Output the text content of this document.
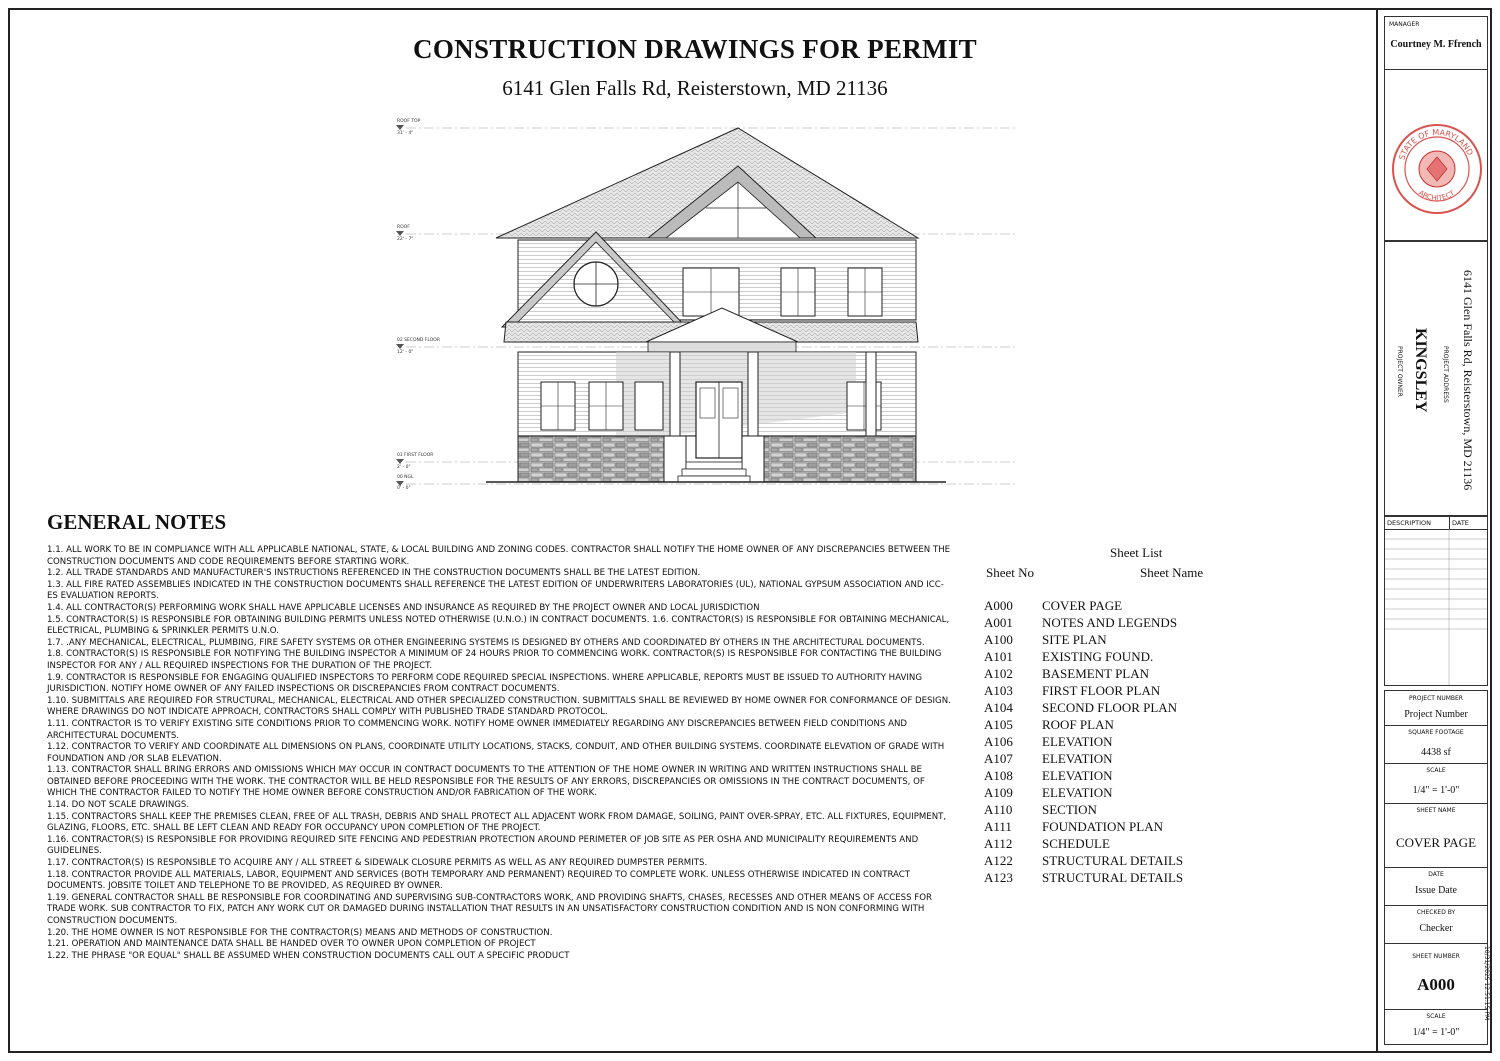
CONSTRUCTION DRAWINGS FOR PERMIT
6141 Glen Falls Rd, Reisterstown, MD 21136
ROOF TOP
31' - 4"
ROOF
22' - 7"
02 SECOND FLOOR
12' - 0"
01 FIRST FLOOR
2' - 0"
00 NGL
0' - 0"
GENERAL NOTES
1.1. ALL WORK TO BE IN COMPLIANCE WITH ALL APPLICABLE NATIONAL, STATE, & LOCAL BUILDING AND ZONING CODES. CONTRACTOR SHALL NOTIFY THE HOME OWNER OF ANY DISCREPANCIES BETWEEN THE CONSTRUCTION DOCUMENTS AND CODE REQUIREMENTS BEFORE STARTING WORK.
1.2. ALL TRADE STANDARDS AND MANUFACTURER'S INSTRUCTIONS REFERENCED IN THE CONSTRUCTION DOCUMENTS SHALL BE THE LATEST EDITION.
1.3. ALL FIRE RATED ASSEMBLIES INDICATED IN THE CONSTRUCTION DOCUMENTS SHALL REFERENCE THE LATEST EDITION OF UNDERWRITERS LABORATORIES (UL), NATIONAL GYPSUM ASSOCIATION AND ICC-ES EVALUATION REPORTS.
1.4. ALL CONTRACTOR(S) PERFORMING WORK SHALL HAVE APPLICABLE LICENSES AND INSURANCE AS REQUIRED BY THE PROJECT OWNER AND LOCAL JURISDICTION
1.5. CONTRACTOR(S) IS RESPONSIBLE FOR OBTAINING BUILDING PERMITS UNLESS NOTED OTHERWISE (U.N.O.) IN CONTRACT DOCUMENTS. 1.6. CONTRACTOR(S) IS RESPONSIBLE FOR OBTAINING MECHANICAL, ELECTRICAL, PLUMBING & SPRINKLER PERMITS U.N.O.
1.7. .ANY MECHANICAL, ELECTRICAL, PLUMBING, FIRE SAFETY SYSTEMS OR OTHER ENGINEERING SYSTEMS IS DESIGNED BY OTHERS AND COORDINATED BY OTHERS IN THE ARCHITECTURAL DOCUMENTS.
1.8. CONTRACTOR(S) IS RESPONSIBLE FOR NOTIFYING THE BUILDING INSPECTOR A MINIMUM OF 24 HOURS PRIOR TO COMMENCING WORK. CONTRACTOR(S) IS RESPONSIBLE FOR CONTACTING THE BUILDING INSPECTOR FOR ANY / ALL REQUIRED INSPECTIONS FOR THE DURATION OF THE PROJECT.
1.9. CONTRACTOR IS RESPONSIBLE FOR ENGAGING QUALIFIED INSPECTORS TO PERFORM CODE REQUIRED SPECIAL INSPECTIONS. WHERE APPLICABLE, REPORTS MUST BE ISSUED TO AUTHORITY HAVING JURISDICTION. NOTIFY HOME OWNER OF ANY FAILED INSPECTIONS OR DISCREPANCIES FROM CONTRACT DOCUMENTS.
1.10. SUBMITTALS ARE REQUIRED FOR STRUCTURAL, MECHANICAL, ELECTRICAL AND OTHER SPECIALIZED CONSTRUCTION. SUBMITTALS SHALL BE REVIEWED BY HOME OWNER FOR CONFORMANCE OF DESIGN. WHERE DRAWINGS DO NOT INDICATE APPROACH, CONTRACTORS SHALL COMPLY WITH PUBLISHED TRADE STANDARD PROTOCOL.
1.11. CONTRACTOR IS TO VERIFY EXISTING SITE CONDITIONS PRIOR TO COMMENCING WORK. NOTIFY HOME OWNER IMMEDIATELY REGARDING ANY DISCREPANCIES BETWEEN FIELD CONDITIONS AND ARCHITECTURAL DOCUMENTS.
1.12. CONTRACTOR TO VERIFY AND COORDINATE ALL DIMENSIONS ON PLANS, COORDINATE UTILITY LOCATIONS, STACKS, CONDUIT, AND OTHER BUILDING SYSTEMS. COORDINATE ELEVATION OF GRADE WITH FOUNDATION AND /OR SLAB ELEVATION.
1.13. CONTRACTOR SHALL BRING ERRORS AND OMISSIONS WHICH MAY OCCUR IN CONTRACT DOCUMENTS TO THE ATTENTION OF THE HOME OWNER IN WRITING AND WRITTEN INSTRUCTIONS SHALL BE OBTAINED BEFORE PROCEEDING WITH THE WORK. THE CONTRACTOR WILL BE HELD RESPONSIBLE FOR THE RESULTS OF ANY ERRORS, DISCREPANCIES OR OMISSIONS IN THE CONTRACT DOCUMENTS, OF WHICH THE CONTRACTOR FAILED TO NOTIFY THE HOME OWNER BEFORE CONSTRUCTION AND/OR FABRICATION OF THE WORK.
1.14. DO NOT SCALE DRAWINGS.
1.15. CONTRACTORS SHALL KEEP THE PREMISES CLEAN, FREE OF ALL TRASH, DEBRIS AND SHALL PROTECT ALL ADJACENT WORK FROM DAMAGE, SOILING, PAINT OVER-SPRAY, ETC. ALL FIXTURES, EQUIPMENT, GLAZING, FLOORS, ETC. SHALL BE LEFT CLEAN AND READY FOR OCCUPANCY UPON COMPLETION OF THE PROJECT.
1.16. CONTRACTOR(S) IS RESPONSIBLE FOR PROVIDING REQUIRED SITE FENCING AND PEDESTRIAN PROTECTION AROUND PERIMETER OF JOB SITE AS PER OSHA AND MUNICIPALITY REQUIREMENTS AND GUIDELINES.
1.17. CONTRACTOR(S) IS RESPONSIBLE TO ACQUIRE ANY / ALL STREET & SIDEWALK CLOSURE PERMITS AS WELL AS ANY REQUIRED DUMPSTER PERMITS.
1.18. CONTRACTOR PROVIDE ALL MATERIALS, LABOR, EQUIPMENT AND SERVICES (BOTH TEMPORARY AND PERMANENT) REQUIRED TO COMPLETE WORK. UNLESS OTHERWISE INDICATED IN CONTRACT DOCUMENTS. JOBSITE TOILET AND TELEPHONE TO BE PROVIDED, AS REQUIRED BY OWNER.
1.19. GENERAL CONTRACTOR SHALL BE RESPONSIBLE FOR COORDINATING AND SUPERVISING SUB-CONTRACTORS WORK, AND PROVIDING SHAFTS, CHASES, RECESSES AND OTHER MEANS OF ACCESS FOR TRADE WORK. SUB CONTRACTOR TO FIX, PATCH ANY WORK CUT OR DAMAGED DURING INSTALLATION THAT RESULTS IN AN UNSATISFACTORY CONSTRUCTION CONDITION AND IS NON CONFORMING WITH CONSTRUCTION DOCUMENTS.
1.20. THE HOME OWNER IS NOT RESPONSIBLE FOR THE CONTRACTOR(S) MEANS AND METHODS OF CONSTRUCTION.
1.21. OPERATION AND MAINTENANCE DATA SHALL BE HANDED OVER TO OWNER UPON COMPLETION OF PROJECT
1.22. THE PHRASE "OR EQUAL" SHALL BE ASSUMED WHEN CONSTRUCTION DOCUMENTS CALL OUT A SPECIFIC PRODUCT
Sheet List
Sheet No	Sheet Name
A000	COVER PAGE
A001	NOTES AND LEGENDS
A100	SITE PLAN
A101	EXISTING FOUND.
A102	BASEMENT PLAN
A103	FIRST FLOOR PLAN
A104	SECOND FLOOR PLAN
A105	ROOF PLAN
A106	ELEVATION
A107	ELEVATION
A108	ELEVATION
A109	ELEVATION
A110	SECTION
A111	FOUNDATION PLAN
A112	SCHEDULE
A122	STRUCTURAL DETAILS
A123	STRUCTURAL DETAILS
MANAGER
Courtney M. Ffrench
STATE OF MARYLAND
ARCHITECT
6141 Glen Falls Rd, Reisterstown, MD 21136
PROJECT ADDRESS
KINGSLEY
PROJECT OWNER
DESCRIPTION	DATE
PROJECT NUMBER
Project Number
SQUARE FOOTAGE
4438 sf
SCALE
1/4" = 1'-0"
SHEET NAME
COVER PAGE
DATE
Issue Date
CHECKED BY
Checker
SHEET NUMBER
A000
SCALE
1/4" = 1'-0"
10/31/2025 12:51:15 PM
